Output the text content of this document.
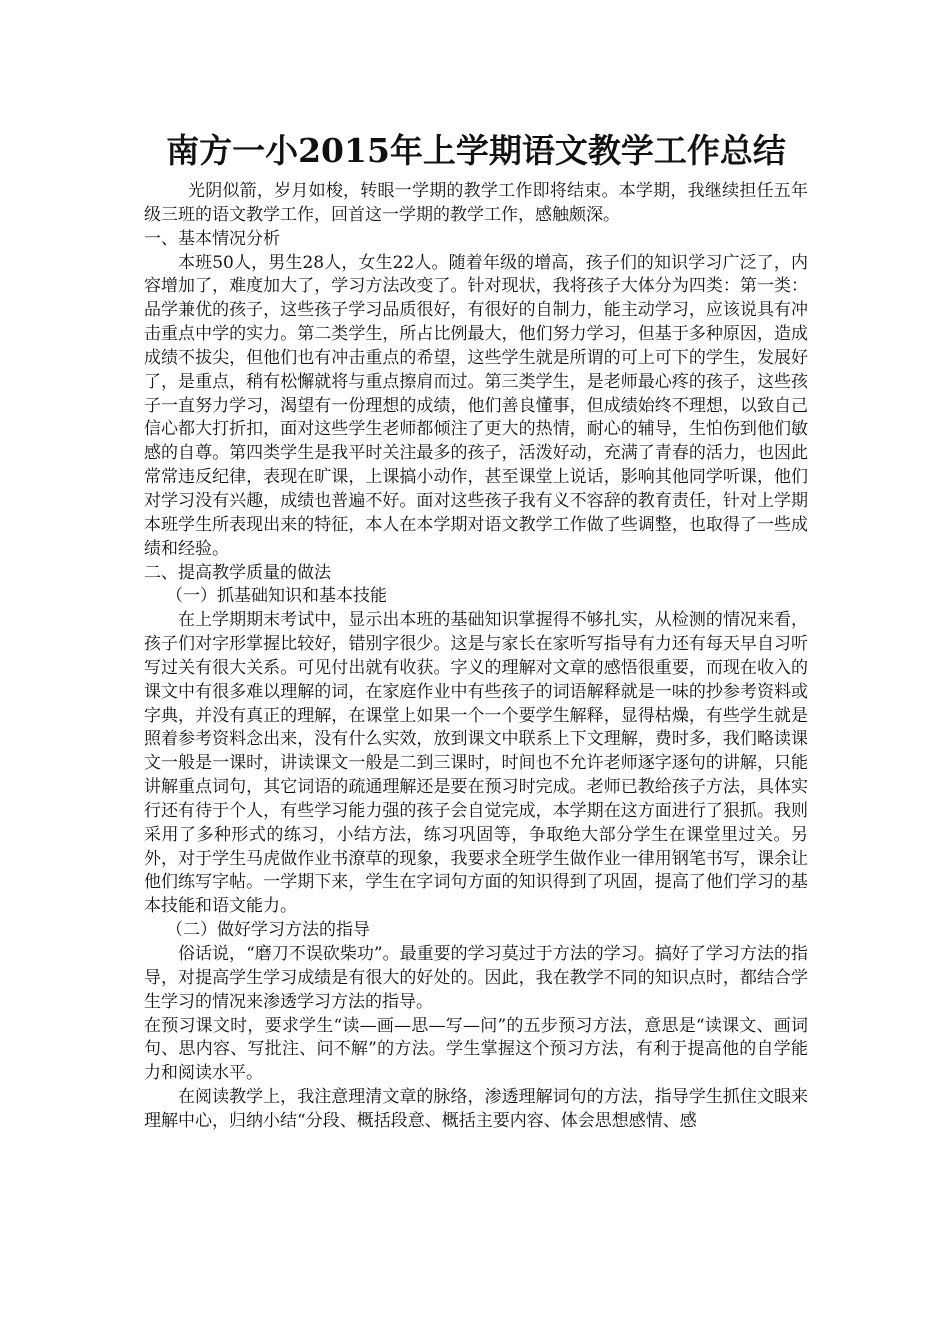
南方一小2015年上学期语文教学工作总结

光阴似箭，岁月如梭，转眼一学期的教学工作即将结束。本学期，我继续担任五年级三班的语文教学工作，回首这一学期的教学工作，感触颇深。

一、基本情况分析

本班50人，男生28人，女生22人。随着年级的增高，孩子们的知识学习广泛了，内容增加了，难度加大了，学习方法改变了。针对现状，我将孩子大体分为四类：第一类：品学兼优的孩子，这些孩子学习品质很好，有很好的自制力，能主动学习，应该说具有冲击重点中学的实力。第二类学生，所占比例最大，他们努力学习，但基于多种原因，造成成绩不拔尖，但他们也有冲击重点的希望，这些学生就是所谓的可上可下的学生，发展好了，是重点，稍有松懈就将与重点擦肩而过。第三类学生，是老师最心疼的孩子，这些孩子一直努力学习，渴望有一份理想的成绩，他们善良懂事，但成绩始终不理想，以致自己信心都大打折扣，面对这些学生老师都倾注了更大的热情，耐心的辅导，生怕伤到他们敏感的自尊。第四类学生是我平时关注最多的孩子，活泼好动，充满了青春的活力，也因此常常违反纪律，表现在旷课，上课搞小动作，甚至课堂上说话，影响其他同学听课，他们对学习没有兴趣，成绩也普遍不好。面对这些孩子我有义不容辞的教育责任，针对上学期本班学生所表现出来的特征，本人在本学期对语文教学工作做了些调整，也取得了一些成绩和经验。

二、提高教学质量的做法

（一）抓基础知识和基本技能

在上学期期末考试中，显示出本班的基础知识掌握得不够扎实，从检测的情况来看，孩子们对字形掌握比较好，错别字很少。这是与家长在家听写指导有力还有每天早自习听写过关有很大关系。可见付出就有收获。字义的理解对文章的感悟很重要，而现在收入的课文中有很多难以理解的词，在家庭作业中有些孩子的词语解释就是一味的抄参考资料或字典，并没有真正的理解，在课堂上如果一个一个要学生解释，显得枯燥，有些学生就是照着参考资料念出来，没有什么实效，放到课文中联系上下文理解，费时多，我们略读课文一般是一课时，讲读课文一般是二到三课时，时间也不允许老师逐字逐句的讲解，只能讲解重点词句，其它词语的疏通理解还是要在预习时完成。老师已教给孩子方法，具体实行还有待于个人，有些学习能力强的孩子会自觉完成，本学期在这方面进行了狠抓。我则采用了多种形式的练习，小结方法，练习巩固等，争取绝大部分学生在课堂里过关。另外，对于学生马虎做作业书潦草的现象，我要求全班学生做作业一律用钢笔书写，课余让他们练写字帖。一学期下来，学生在字词句方面的知识得到了巩固，提高了他们学习的基本技能和语文能力。

（二）做好学习方法的指导

俗话说，“磨刀不误砍柴功”。最重要的学习莫过于方法的学习。搞好了学习方法的指导，对提高学生学习成绩是有很大的好处的。因此，我在教学不同的知识点时，都结合学生学习的情况来渗透学习方法的指导。

在预习课文时，要求学生“读—画—思—写—问”的五步预习方法，意思是“读课文、画词句、思内容、写批注、问不解”的方法。学生掌握这个预习方法，有利于提高他的自学能力和阅读水平。

在阅读教学上，我注意理清文章的脉络，渗透理解词句的方法，指导学生抓住文眼来理解中心，归纳小结“分段、概括段意、概括主要内容、体会思想感情、感
